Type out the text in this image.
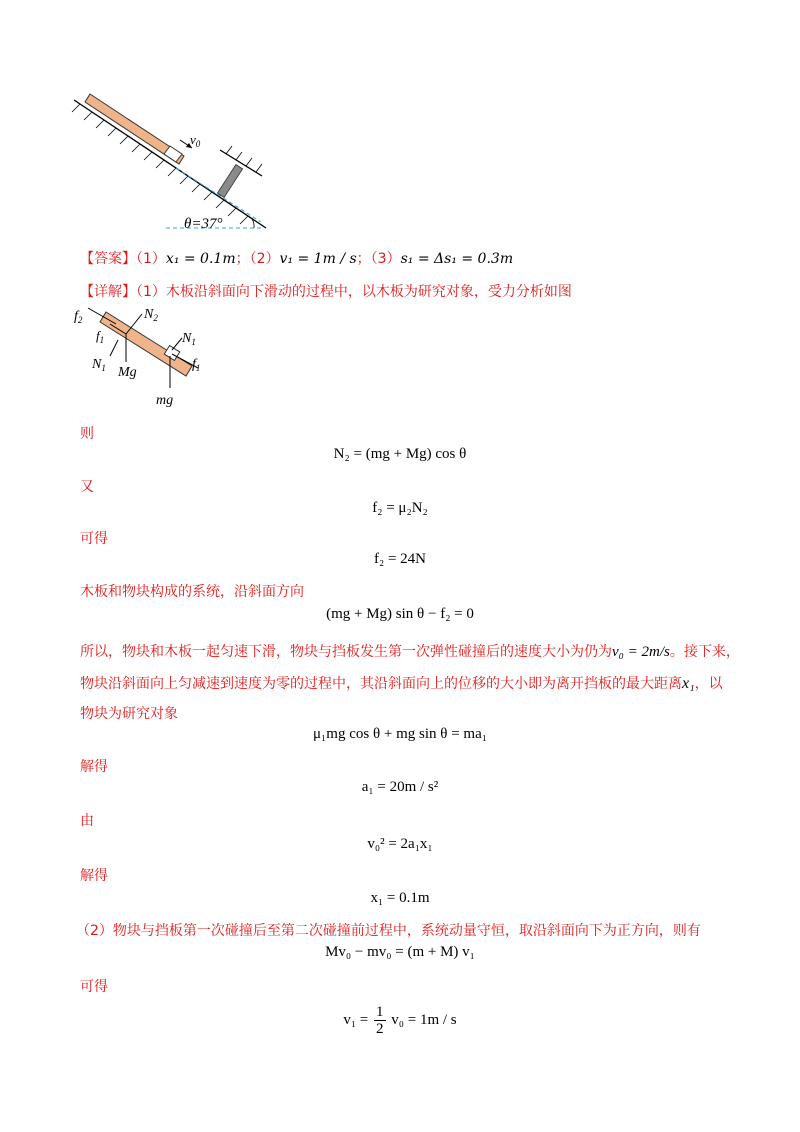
$v_0$
θ=37°
【答案】（1）x₁ = 0.1m；（2）v₁ = 1m / s；（3）s₁ = Δs₁ = 0.3m
【详解】（1）木板沿斜面向下滑动的过程中，以木板为研究对象，受力分析如图
$f_2$	$N_2$
$f_1$
$N_1$ Mg
$N_1$
$f_1$
mg
则
N₂ = (mg + Mg) cos θ
又
f₂ = μ₂N₂
可得
f₂ = 24N
木板和物块构成的系统，沿斜面方向
(mg + Mg) sin θ − f₂ = 0
所以，物块和木板一起匀速下滑，物块与挡板发生第一次弹性碰撞后的速度大小为仍为v₀ = 2m/s。接下来，
物块沿斜面向上匀减速到速度为零的过程中，其沿斜面向上的位移的大小即为离开挡板的最大距离x₁，以
物块为研究对象
μ₁mg cos θ + mg sin θ = ma₁
解得
a₁ = 20m / s²
由
v₀² = 2a₁x₁
解得
x₁ = 0.1m
（2）物块与挡板第一次碰撞后至第二次碰撞前过程中，系统动量守恒，取沿斜面向下为正方向，则有
Mv₀ − mv₀ = (m + M) v₁
可得
$v_1 = \frac{1}{2} v_0 = 1m / s$
